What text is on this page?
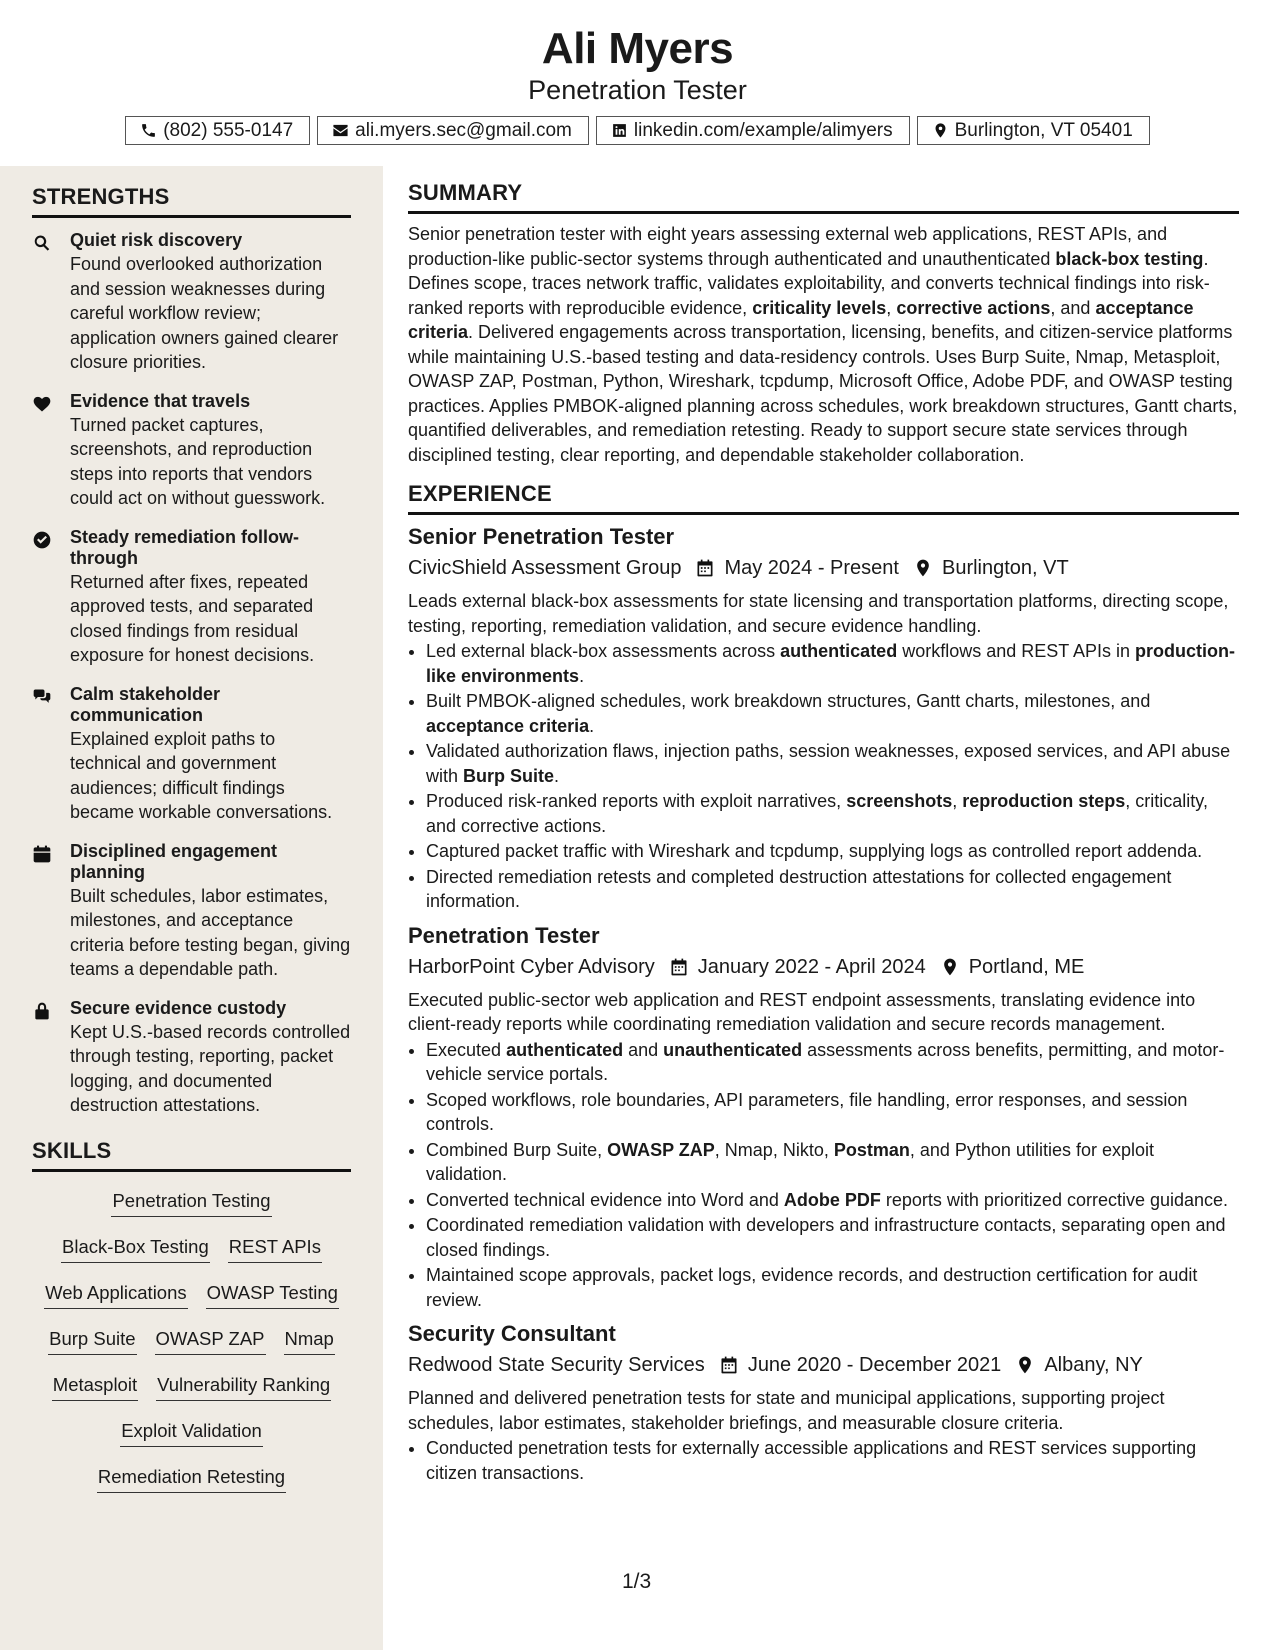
Ali Myers
Penetration Tester
(802) 555-0147	ali.myers.sec@gmail.com	linkedin.com/example/alimyers	Burlington, VT 05401
STRENGTHS
Quiet risk discovery
Found overlooked authorization and session weaknesses during careful workflow review; application owners gained clearer closure priorities.
Evidence that travels
Turned packet captures, screenshots, and reproduction steps into reports that vendors could act on without guesswork.
Steady remediation follow-through
Returned after fixes, repeated approved tests, and separated closed findings from residual exposure for honest decisions.
Calm stakeholder communication
Explained exploit paths to technical and government audiences; difficult findings became workable conversations.
Disciplined engagement planning
Built schedules, labor estimates, milestones, and acceptance criteria before testing began, giving teams a dependable path.
Secure evidence custody
Kept U.S.-based records controlled through testing, reporting, packet logging, and documented destruction attestations.
SKILLS
Penetration Testing
Black-Box Testing REST APIs
Web Applications OWASP Testing
Burp Suite OWASP ZAP Nmap
Metasploit Vulnerability Ranking
Exploit Validation
Remediation Retesting
SUMMARY
Senior penetration tester with eight years assessing external web applications, REST APIs, and production-like public-sector systems through authenticated and unauthenticated black-box testing. Defines scope, traces network traffic, validates exploitability, and converts technical findings into risk-ranked reports with reproducible evidence, criticality levels, corrective actions, and acceptance criteria. Delivered engagements across transportation, licensing, benefits, and citizen-service platforms while maintaining U.S.-based testing and data-residency controls. Uses Burp Suite, Nmap, Metasploit, OWASP ZAP, Postman, Python, Wireshark, tcpdump, Microsoft Office, Adobe PDF, and OWASP testing practices. Applies PMBOK-aligned planning across schedules, work breakdown structures, Gantt charts, quantified deliverables, and remediation retesting. Ready to support secure state services through disciplined testing, clear reporting, and dependable stakeholder collaboration.
EXPERIENCE
Senior Penetration Tester
CivicShield Assessment Group May 2024 - Present Burlington, VT
Leads external black-box assessments for state licensing and transportation platforms, directing scope, testing, reporting, remediation validation, and secure evidence handling.
• Led external black-box assessments across authenticated workflows and REST APIs in production-like environments.
• Built PMBOK-aligned schedules, work breakdown structures, Gantt charts, milestones, and acceptance criteria.
• Validated authorization flaws, injection paths, session weaknesses, exposed services, and API abuse with Burp Suite.
• Produced risk-ranked reports with exploit narratives, screenshots, reproduction steps, criticality, and corrective actions.
• Captured packet traffic with Wireshark and tcpdump, supplying logs as controlled report addenda.
• Directed remediation retests and completed destruction attestations for collected engagement information.
Penetration Tester
HarborPoint Cyber Advisory January 2022 - April 2024 Portland, ME
Executed public-sector web application and REST endpoint assessments, translating evidence into client-ready reports while coordinating remediation validation and secure records management.
• Executed authenticated and unauthenticated assessments across benefits, permitting, and motor-vehicle service portals.
• Scoped workflows, role boundaries, API parameters, file handling, error responses, and session controls.
• Combined Burp Suite, OWASP ZAP, Nmap, Nikto, Postman, and Python utilities for exploit validation.
• Converted technical evidence into Word and Adobe PDF reports with prioritized corrective guidance.
• Coordinated remediation validation with developers and infrastructure contacts, separating open and closed findings.
• Maintained scope approvals, packet logs, evidence records, and destruction certification for audit review.
Security Consultant
Redwood State Security Services June 2020 - December 2021 Albany, NY
Planned and delivered penetration tests for state and municipal applications, supporting project schedules, labor estimates, stakeholder briefings, and measurable closure criteria.
• Conducted penetration tests for externally accessible applications and REST services supporting citizen transactions.
1/3
